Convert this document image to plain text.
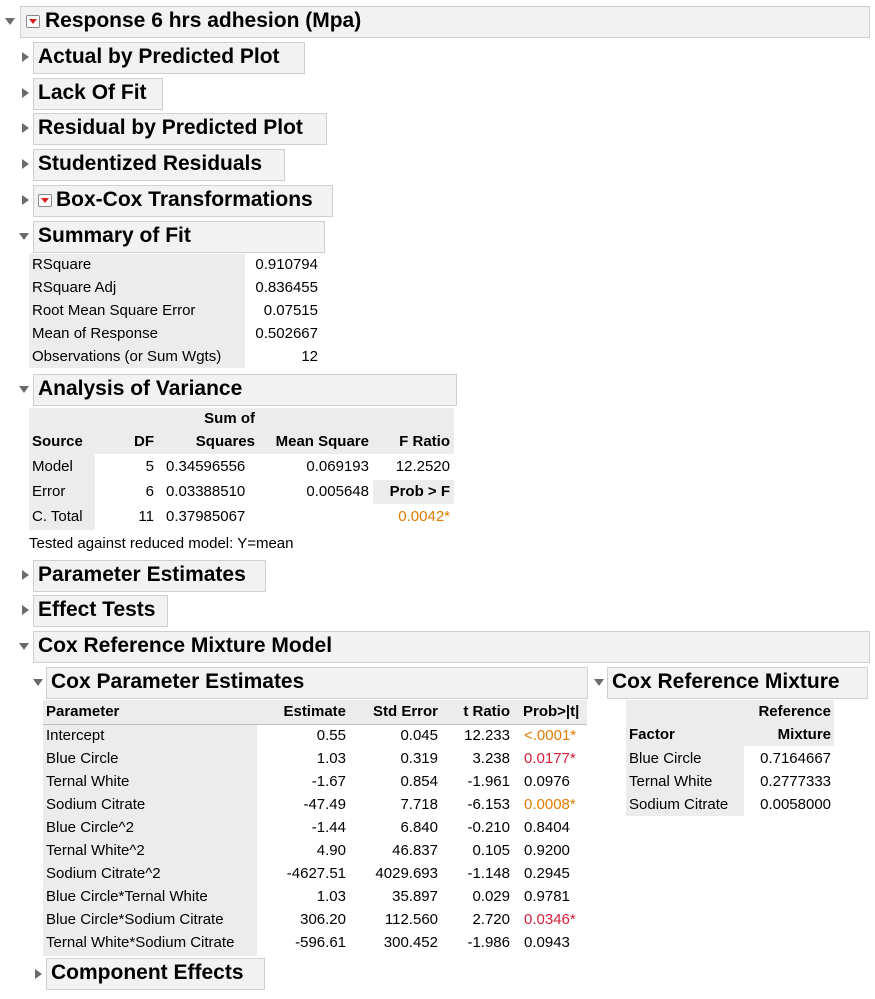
Response 6 hrs adhesion (Mpa)
Actual by Predicted Plot
Lack Of Fit
Residual by Predicted Plot
Studentized Residuals
Box-Cox Transformations
Summary of Fit
RSquare	0.910794
RSquare Adj	0.836455
Root Mean Square Error	0.07515
Mean of Response	0.502667
Observations (or Sum Wgts)	12
Analysis of Variance
Source	DF
Sum of
Squares	Mean Square	F Ratio
Model	5 0.34596556	0.069193	12.2520
Error	6 0.03388510	0.005648	Prob > F
C. Total	11 0.37985067	0.0042*
Tested against reduced model: Y=mean
Parameter Estimates
Effect Tests
Cox Reference Mixture Model
Cox Parameter Estimates
Parameter	Estimate	Std Error	t Ratio Prob>|t|
Intercept	0.55	0.045	12.233 <.0001*
Blue Circle	1.03	0.319	3.238 0.0177*
Ternal White	-1.67	0.854	-1.961 0.0976
Sodium Citrate	-47.49	7.718	-6.153 0.0008*
Blue Circle^2	-1.44	6.840	-0.210 0.8404
Ternal White^2	4.90	46.837	0.105 0.9200
Sodium Citrate^2	-4627.51	4029.693	-1.148 0.2945
Blue Circle*Ternal White	1.03	35.897	0.029 0.9781
Blue Circle*Sodium Citrate	306.20	112.560	2.720 0.0346*
Ternal White*Sodium Citrate	-596.61	300.452	-1.986 0.0943
Cox Reference Mixture
Factor
Reference
Mixture
Blue Circle	0.7164667
Ternal White	0.2777333
Sodium Citrate	0.0058000
Component Effects
